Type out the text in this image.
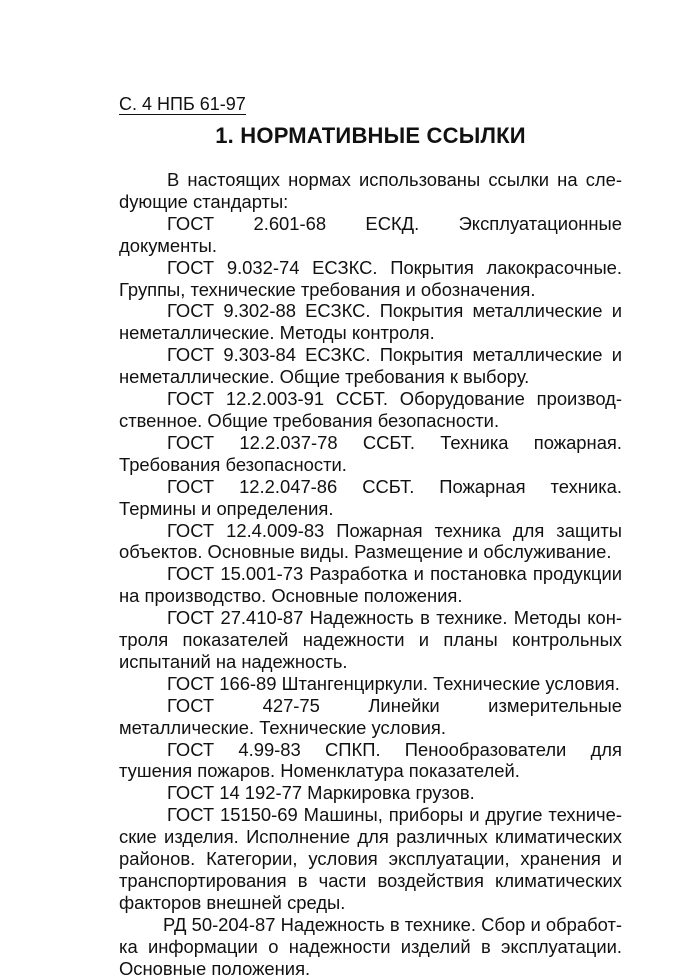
С. 4 НПБ 61-97
1. НОРМАТИВНЫЕ ССЫЛКИ

В настоящих нормах использованы ссылки на слеdующие стандарты:

ГОСТ 2.601-68 ЕСКД. Эксплуатационные документы.

ГОСТ 9.032-74 ЕСЗКС. Покрытия лакокрасочные. Группы, технические требования и обозначения.

ГОСТ 9.302-88 ЕСЗКС. Покрытия металлические и неметаллические. Методы контроля.

ГОСТ 9.303-84 ЕСЗКС. Покрытия металлические и неметаллические. Общие требования к выбору.

ГОСТ 12.2.003-91 ССБТ. Оборудование производственное. Общие требования безопасности.

ГОСТ 12.2.037-78 ССБТ. Техника пожарная. Требования безопасности.

ГОСТ 12.2.047-86 ССБТ. Пожарная техника. Термины и определения.

ГОСТ 12.4.009-83 Пожарная техника для защиты объектов. Основные виды. Размещение и обслуживание.

ГОСТ 15.001-73 Разработка и постановка продукции на производство. Основные положения.

ГОСТ 27.410-87 Надежность в технике. Методы контроля показателей надежности и планы контрольных испытаний на надежность.

ГОСТ 166-89 Штангенциркули. Технические условия.

ГОСТ 427-75 Линейки измерительные металлические. Технические условия.

ГОСТ 4.99-83 СПКП. Пенообразователи для тушения пожаров. Номенклатура показателей.

ГОСТ 14 192-77 Маркировка грузов.

ГОСТ 15150-69 Машины, приборы и другие технические изделия. Исполнение для различных климатических районов. Категории, условия эксплуатации, хранения и транспортирования в части воздействия климатических факторов внешней среды.

РД 50-204-87 Надежность в технике. Сбор и обработка информации о надежности изделий в эксплуатации. Основные положения.
